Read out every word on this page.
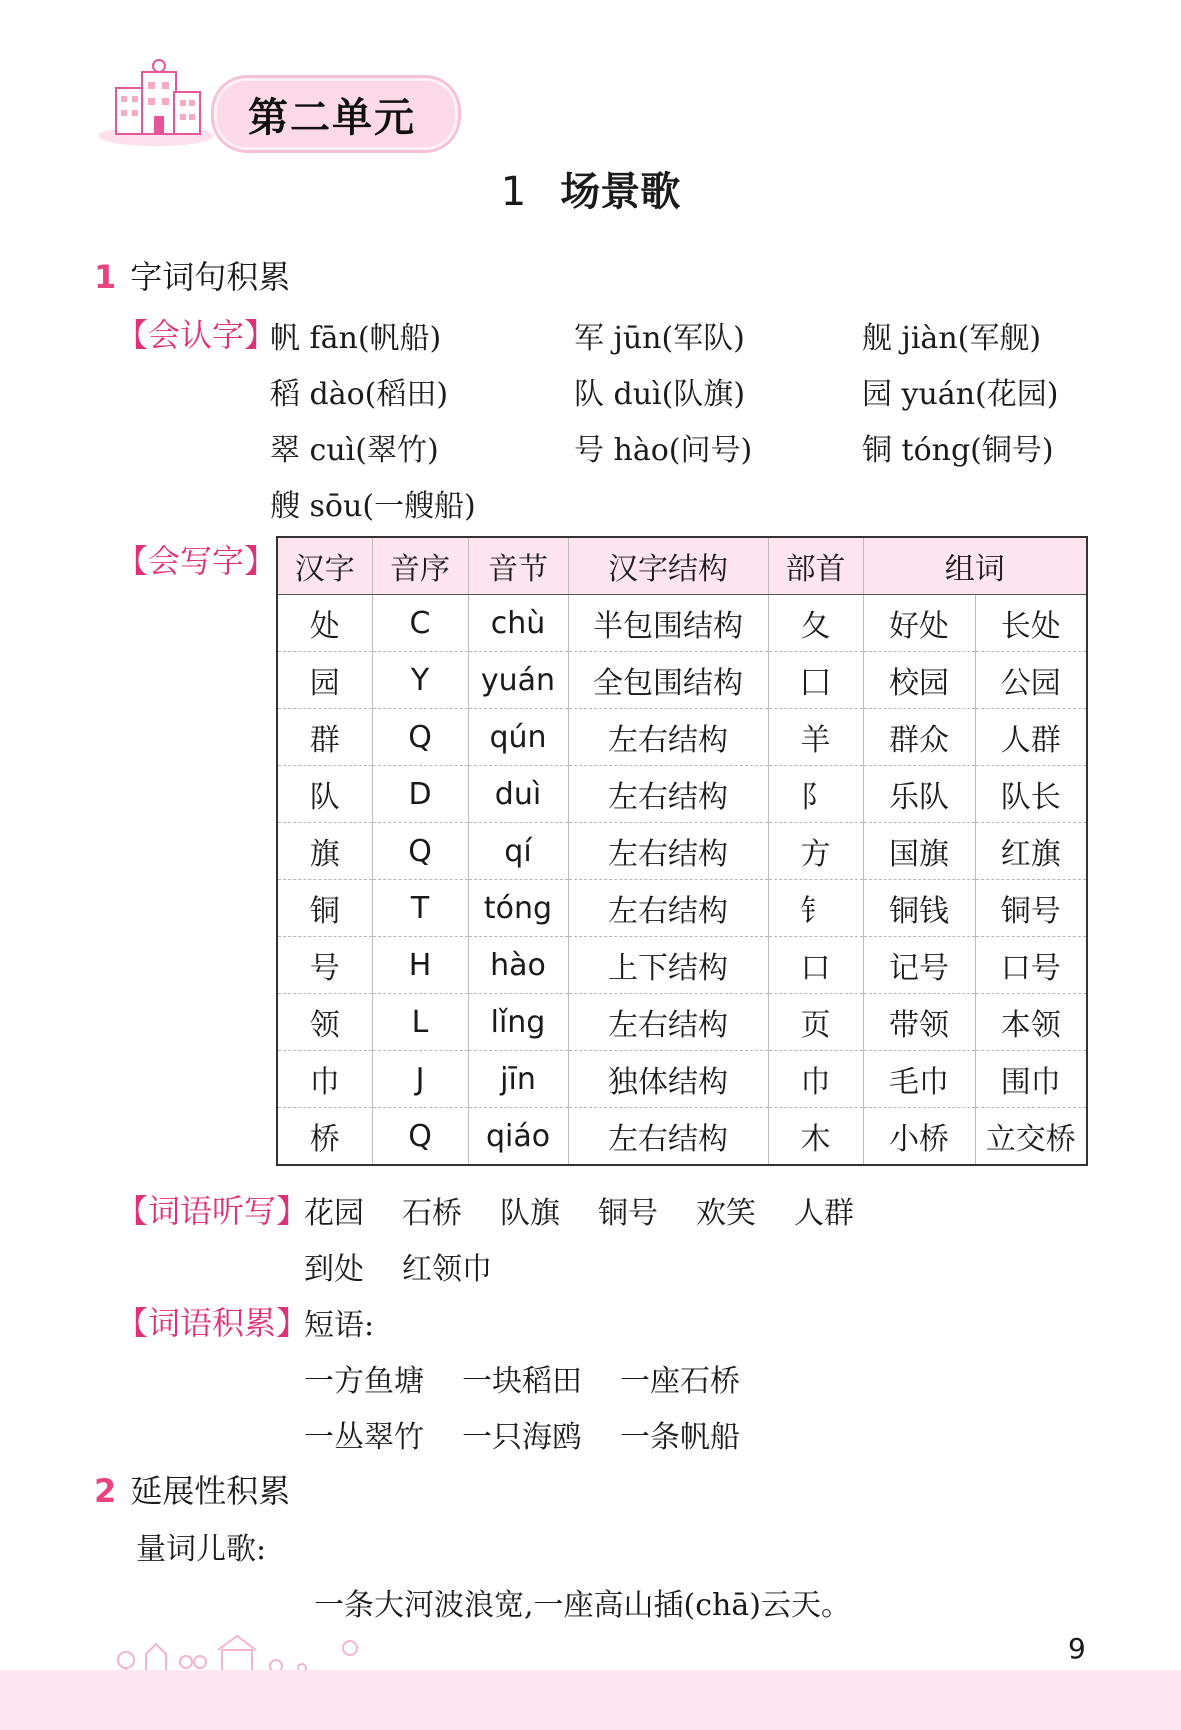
第二单元
1 场景歌
1 字词句积累
【会认字】
帆 fān(帆船)	军 jūn(军队)	舰 jiàn(军舰)
稻 dào(稻田)	队 duì(队旗)	园 yuán(花园)
翠 cuì(翠竹)	号 hào(问号)	铜 tóng(铜号)
艘 sōu(一艘船)
【会写字】 汉字	音序	音节	汉字结构	部首	组词	
处	C	chù	半包围结构	夂	好处	长处
园	Y	yuán	全包围结构	囗	校园	公园
群	Q	qún	左右结构	羊	群众	人群
队	D	duì	左右结构	阝	乐队	队长
旗	Q	qí	左右结构	方	国旗	红旗
铜	T	tóng	左右结构	钅	铜钱	铜号
号	H	hào	上下结构	口	记号	口号
领	L	lǐng	左右结构	页	带领	本领
巾	J	jīn	独体结构	巾	毛巾	围巾
桥	Q	qiáo	左右结构	木	小桥	立交桥
【词语听写】
花园 石桥 队旗 铜号 欢笑 人群
到处 红领巾
【词语积累】
短语:
一方鱼塘 一块稻田 一座石桥
一丛翠竹 一只海鸥 一条帆船
2 延展性积累
量词儿歌:
一条大河波浪宽,一座高山插(chā)云天。
9
